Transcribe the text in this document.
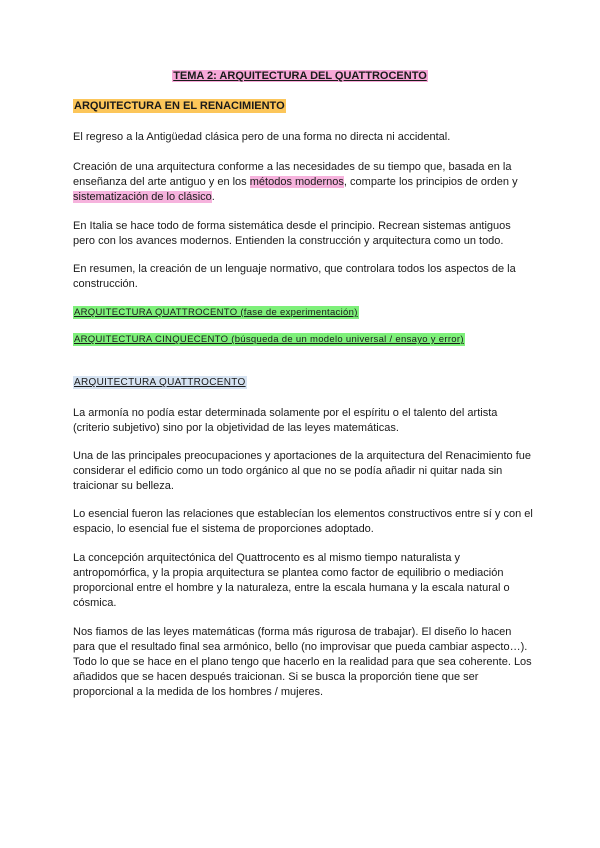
TEMA 2: ARQUITECTURA DEL QUATTROCENTO
ARQUITECTURA EN EL RENACIMIENTO
El regreso a la Antigüedad clásica pero de una forma no directa ni accidental.
Creación de una arquitectura conforme a las necesidades de su tiempo que, basada en la enseñanza del arte antiguo y en los métodos modernos, comparte los principios de orden y sistematización de lo clásico.
En Italia se hace todo de forma sistemática desde el principio. Recrean sistemas antiguos pero con los avances modernos. Entienden la construcción y arquitectura como un todo.
En resumen, la creación de un lenguaje normativo, que controlara todos los aspectos de la construcción.
ARQUITECTURA QUATTROCENTO (fase de experimentación)
ARQUITECTURA CINQUECENTO (búsqueda de un modelo universal / ensayo y error)
ARQUITECTURA QUATTROCENTO
La armonía no podía estar determinada solamente por el espíritu o el talento del artista (criterio subjetivo) sino por la objetividad de las leyes matemáticas.
Una de las principales preocupaciones y aportaciones de la arquitectura del Renacimiento fue considerar el edificio como un todo orgánico al que no se podía añadir ni quitar nada sin traicionar su belleza.
Lo esencial fueron las relaciones que establecían los elementos constructivos entre sí y con el espacio, lo esencial fue el sistema de proporciones adoptado.
La concepción arquitectónica del Quattrocento es al mismo tiempo naturalista y antropomórfica, y la propia arquitectura se plantea como factor de equilibrio o mediación proporcional entre el hombre y la naturaleza, entre la escala humana y la escala natural o cósmica.
Nos fiamos de las leyes matemáticas (forma más rigurosa de trabajar). El diseño lo hacen para que el resultado final sea armónico, bello (no improvisar que pueda cambiar aspecto…). Todo lo que se hace en el plano tengo que hacerlo en la realidad para que sea coherente. Los añadidos que se hacen después traicionan. Si se busca la proporción tiene que ser proporcional a la medida de los hombres / mujeres.
